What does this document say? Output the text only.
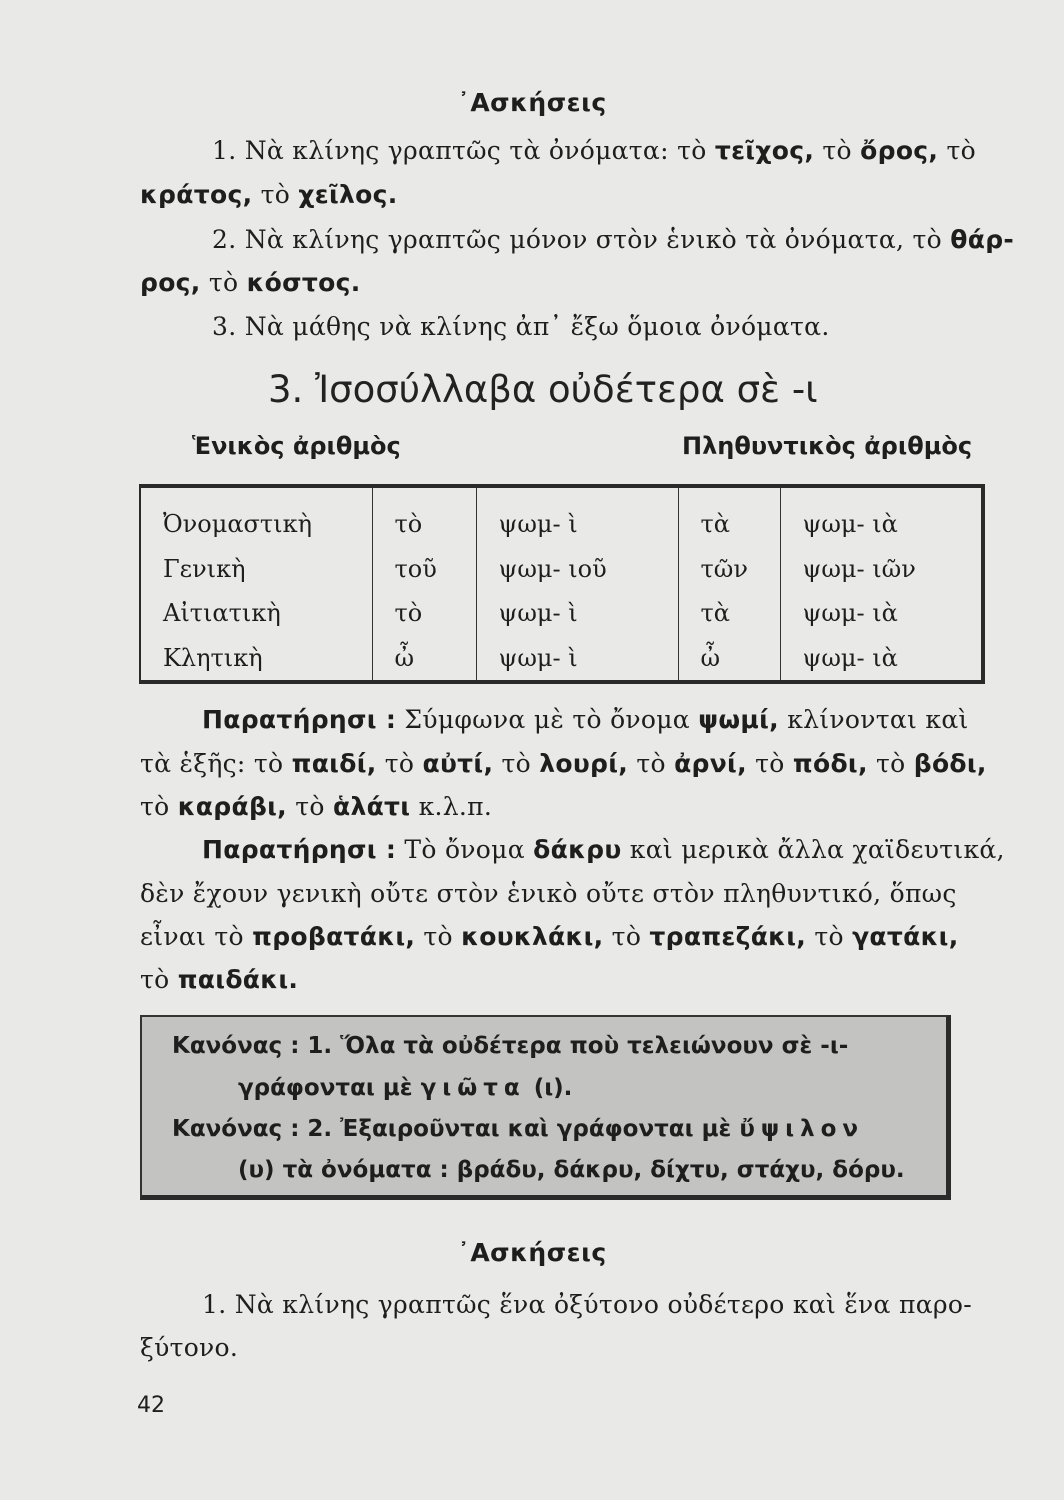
᾿Ασκήσεις
1. Νὰ κλίνης γραπτῶς τὰ ὀνόματα: τὸ τεῖχος, τὸ ὄρος, τὸ
κράτος, τὸ χεῖλος.
2. Νὰ κλίνης γραπτῶς μόνον στὸν ἑνικὸ τὰ ὀνόματα, τὸ θάρ-
ρος, τὸ κόστος.
3. Νὰ μάθης νὰ κλίνης ἀπ᾿ ἔξω ὅμοια ὀνόματα.
3. Ἰσοσύλλαβα οὐδέτερα σὲ -ι
Ἑνικὸς ἀριθμὸς	Πληθυντικὸς ἀριθμὸς
Ὀνομαστικὴ	τὸ	ψωμ- ὶ	τὰ	ψωμ- ιὰ
Γενικὴ	τοῦ	ψωμ- ιοῦ	τῶν	ψωμ- ιῶν
Αἰτιατικὴ	τὸ	ψωμ- ὶ	τὰ	ψωμ- ιὰ
Κλητικὴ	ὦ	ψωμ- ὶ	ὦ	ψωμ- ιὰ
Παρατήρησι : Σύμφωνα μὲ τὸ ὄνομα ψωμί, κλίνονται καὶ
τὰ ἑξῆς: τὸ παιδί, τὸ αὐτί, τὸ λουρί, τὸ ἀρνί, τὸ πόδι, τὸ βόδι,
τὸ καράβι, τὸ ἁλάτι κ.λ.π.
Παρατήρησι : Τὸ ὄνομα δάκρυ καὶ μερικὰ ἄλλα χαϊδευτικά,
δὲν ἔχουν γενικὴ οὔτε στὸν ἑνικὸ οὔτε στὸν πληθυντικό, ὅπως
εἶναι τὸ προβατάκι, τὸ κουκλάκι, τὸ τραπεζάκι, τὸ γατάκι,
τὸ παιδάκι.
Κανόνας : 1. Ὅλα τὰ οὐδέτερα ποὺ τελειώνουν σὲ -ι-
γράφονται μὲ γιῶτα (ι).
Κανόνας : 2. Ἐξαιροῦνται καὶ γράφονται μὲ ὔψιλον
(υ) τὰ ὀνόματα : βράδυ, δάκρυ, δίχτυ, στάχυ, δόρυ.
᾿Ασκήσεις
1. Νὰ κλίνης γραπτῶς ἕνα ὀξύτονο οὐδέτερο καὶ ἕνα παρο-
ξύτονο.
42
